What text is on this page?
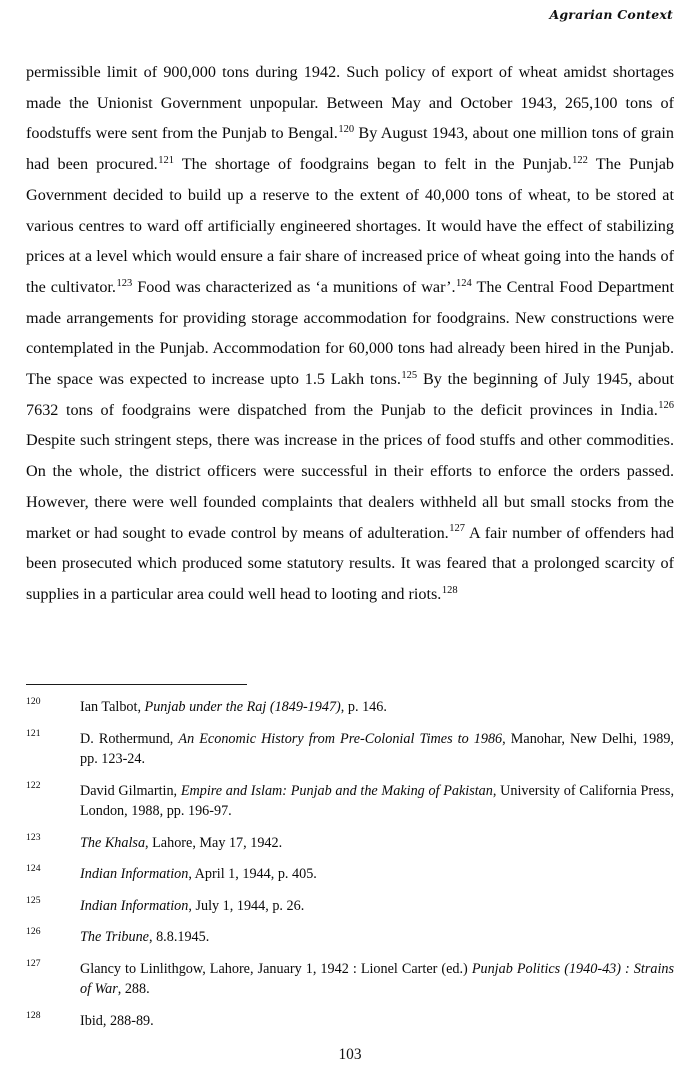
Agrarian Context

permissible limit of 900,000 tons during 1942. Such policy of export of wheat amidst shortages made the Unionist Government unpopular. Between May and October 1943, 265,100 tons of foodstuffs were sent from the Punjab to Bengal.$^{120}$ By August 1943, about one million tons of grain had been procured.$^{121}$ The shortage of foodgrains began to felt in the Punjab.$^{122}$ The Punjab Government decided to build up a reserve to the extent of 40,000 tons of wheat, to be stored at various centres to ward off artificially engineered shortages. It would have the effect of stabilizing prices at a level which would ensure a fair share of increased price of wheat going into the hands of the cultivator.$^{123}$ Food was characterized as ‘a munitions of war’.$^{124}$ The Central Food Department made arrangements for providing storage accommodation for foodgrains. New constructions were contemplated in the Punjab. Accommodation for 60,000 tons had already been hired in the Punjab. The space was expected to increase upto 1.5 Lakh tons.$^{125}$ By the beginning of July 1945, about 7632 tons of foodgrains were dispatched from the Punjab to the deficit provinces in India.$^{126}$ Despite such stringent steps, there was increase in the prices of food stuffs and other commodities. On the whole, the district officers were successful in their efforts to enforce the orders passed. However, there were well founded complaints that dealers withheld all but small stocks from the market or had sought to evade control by means of adulteration.$^{127}$ A fair number of offenders had been prosecuted which produced some statutory results. It was feared that a prolonged scarcity of supplies in a particular area could well head to looting and riots.$^{128}$

120	Ian Talbot, Punjab under the Raj (1849-1947), p. 146.
121	D. Rothermund, An Economic History from Pre-Colonial Times to 1986, Manohar, New Delhi, 1989, pp. 123-24.
122	David Gilmartin, Empire and Islam: Punjab and the Making of Pakistan, University of California Press, London, 1988, pp. 196-97.
123	The Khalsa, Lahore, May 17, 1942.
124	Indian Information, April 1, 1944, p. 405.
125	Indian Information, July 1, 1944, p. 26.
126	The Tribune, 8.8.1945.
127	Glancy to Linlithgow, Lahore, January 1, 1942 : Lionel Carter (ed.) Punjab Politics (1940-43) : Strains of War, 288.
128	Ibid, 288-89.
103
